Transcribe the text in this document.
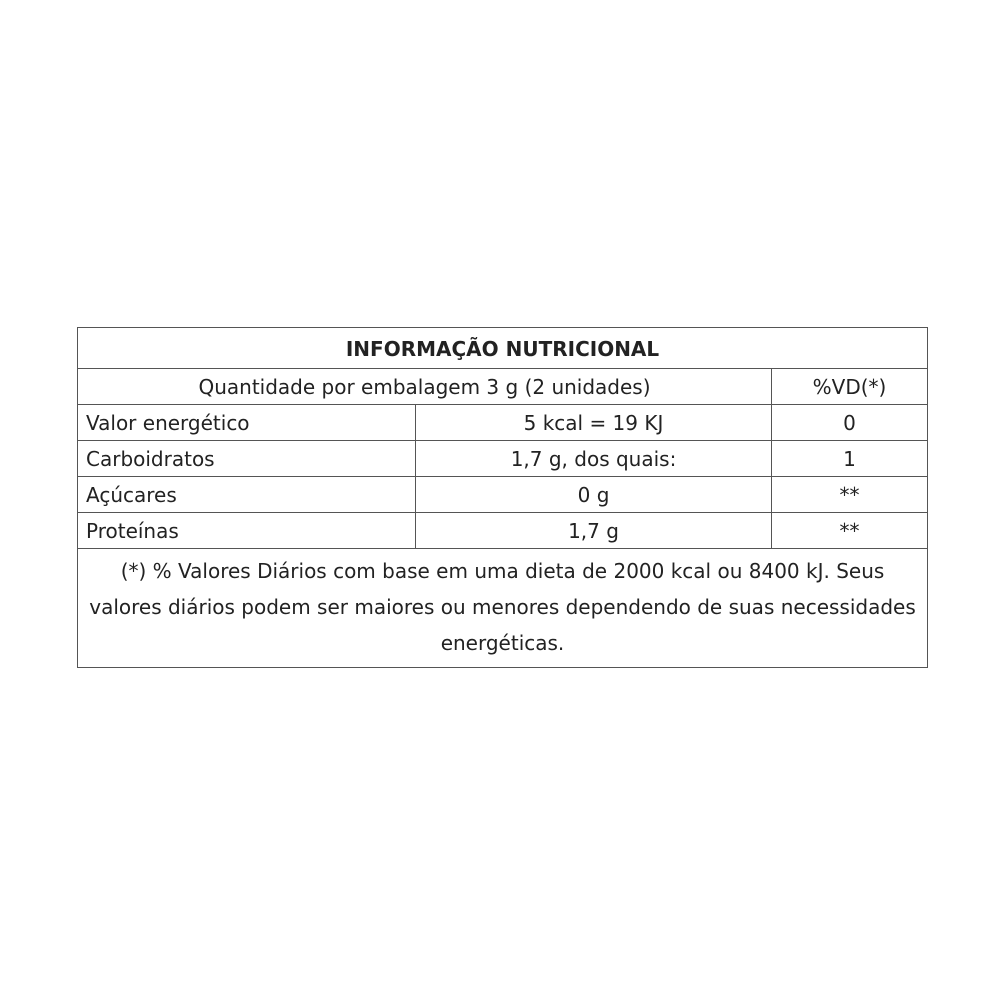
INFORMAÇÃO NUTRICIONAL		
Quantidade por embalagem 3 g (2 unidades)		%VD(*)
Valor energético	5 kcal = 19 KJ	0
Carboidratos	1,7 g, dos quais:	1
Açúcares	0 g	**
Proteínas	1,7 g	**
(*) % Valores Diários com base em uma dieta de 2000 kcal ou 8400 kJ. Seus valores diários podem ser maiores ou menores dependendo de suas necessidades energéticas.		
